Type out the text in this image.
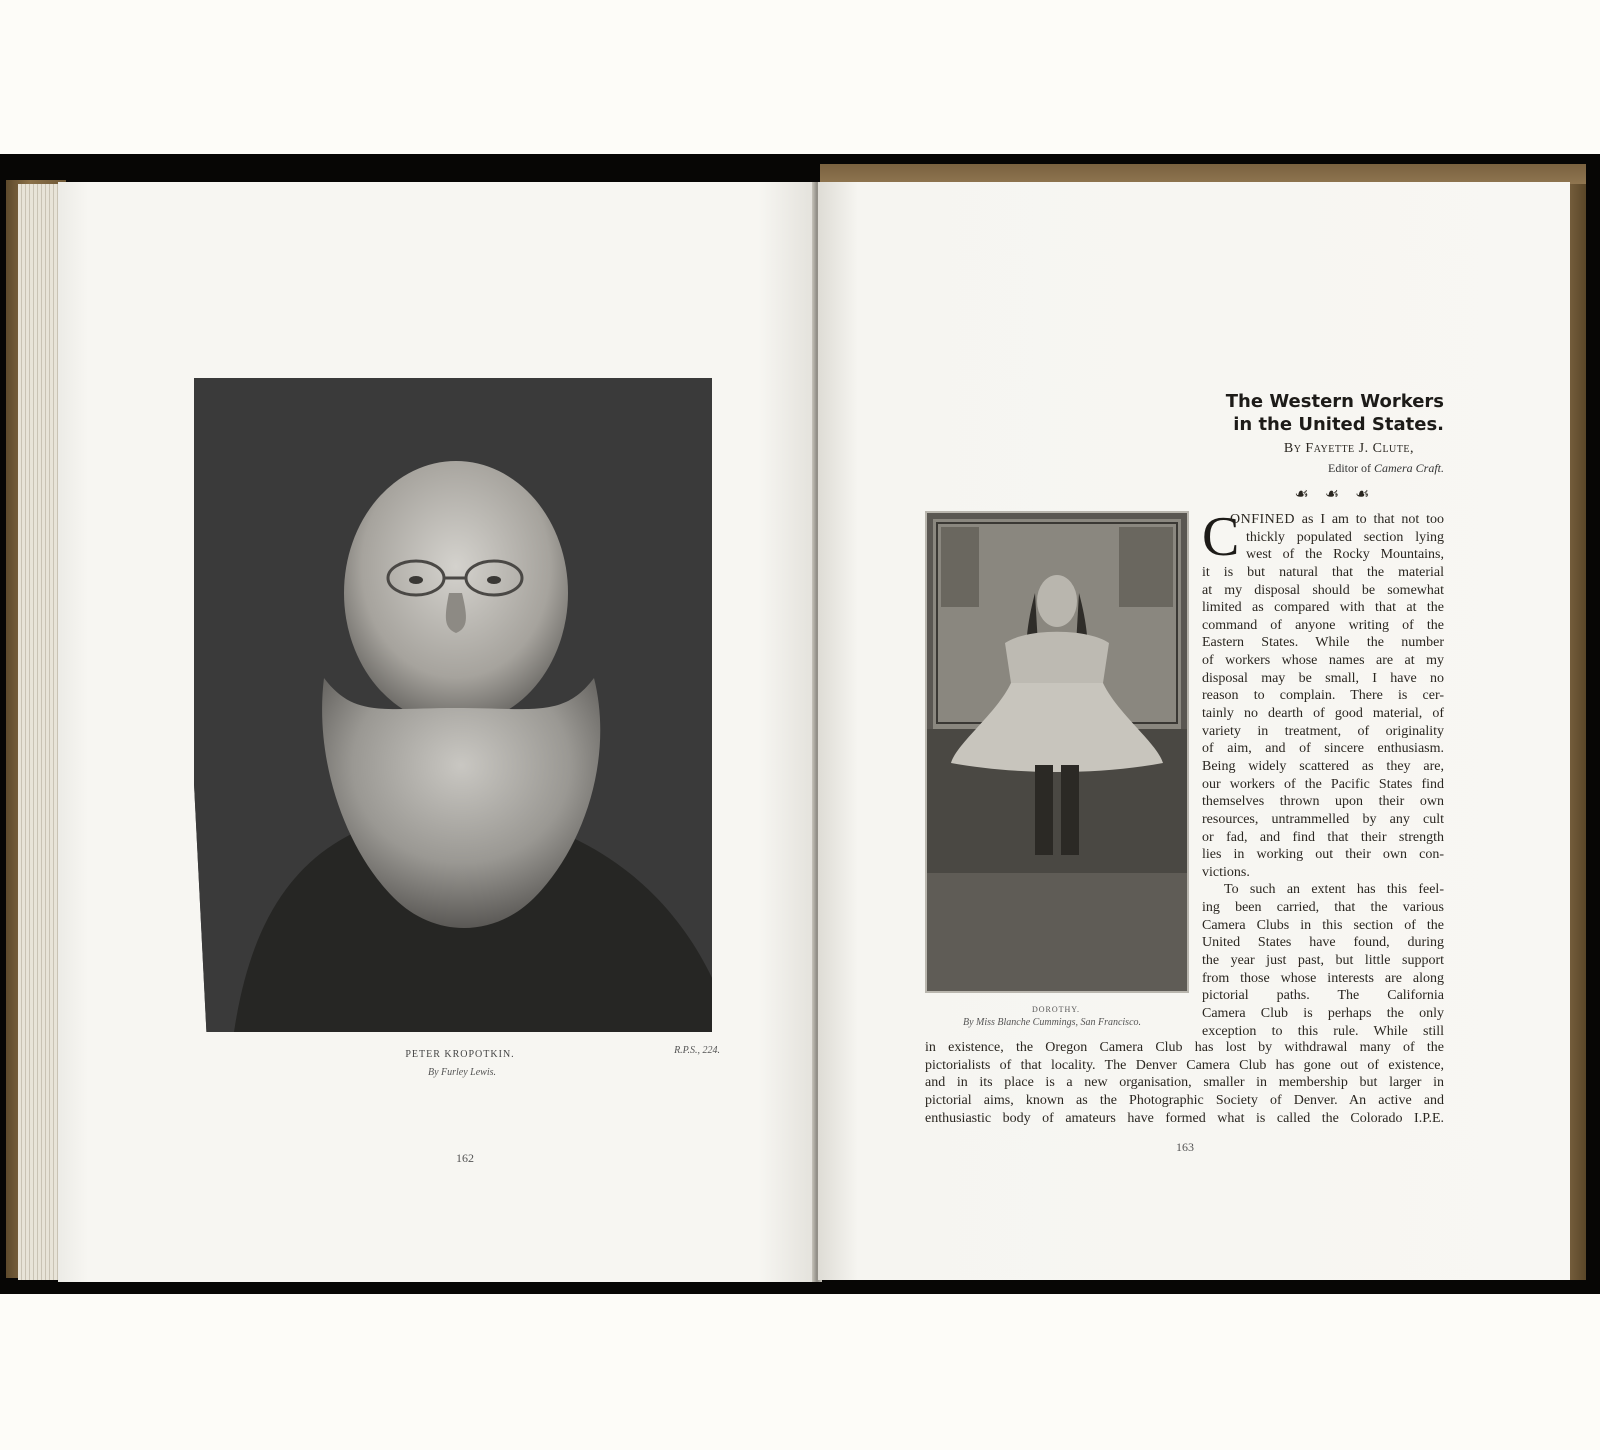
PETER KROPOTKIN.
By Furley Lewis.
R.P.S., 224.
162
The Western Workers
in the United States.
By Fayette J. Clute,
Editor of Camera Craft.
☙☙☙
DOROTHY.
By Miss Blanche Cummings, San Francisco.
C
ONFINED as I am to that not too
thickly populated section lying
west of the Rocky Mountains,
it is but natural that the material
at my disposal should be somewhat
limited as compared with that at the
command of anyone writing of the
Eastern States. While the number
of workers whose names are at my
disposal may be small, I have no
reason to complain. There is cer-
tainly no dearth of good material, of
variety in treatment, of originality
of aim, and of sincere enthusiasm.
Being widely scattered as they are,
our workers of the Pacific States find
themselves thrown upon their own
resources, untrammelled by any cult
or fad, and find that their strength
lies in working out their own con-
victions.
To such an extent has this feel-
ing been carried, that the various
Camera Clubs in this section of the
United States have found, during
the year just past, but little support
from those whose interests are along
pictorial paths. The California
Camera Club is perhaps the only
exception to this rule. While still
in existence, the Oregon Camera Club has lost by withdrawal many of the
pictorialists of that locality. The Denver Camera Club has gone out of existence,
and in its place is a new organisation, smaller in membership but larger in
pictorial aims, known as the Photographic Society of Denver. An active and
enthusiastic body of amateurs have formed what is called the Colorado I.P.E.
163
